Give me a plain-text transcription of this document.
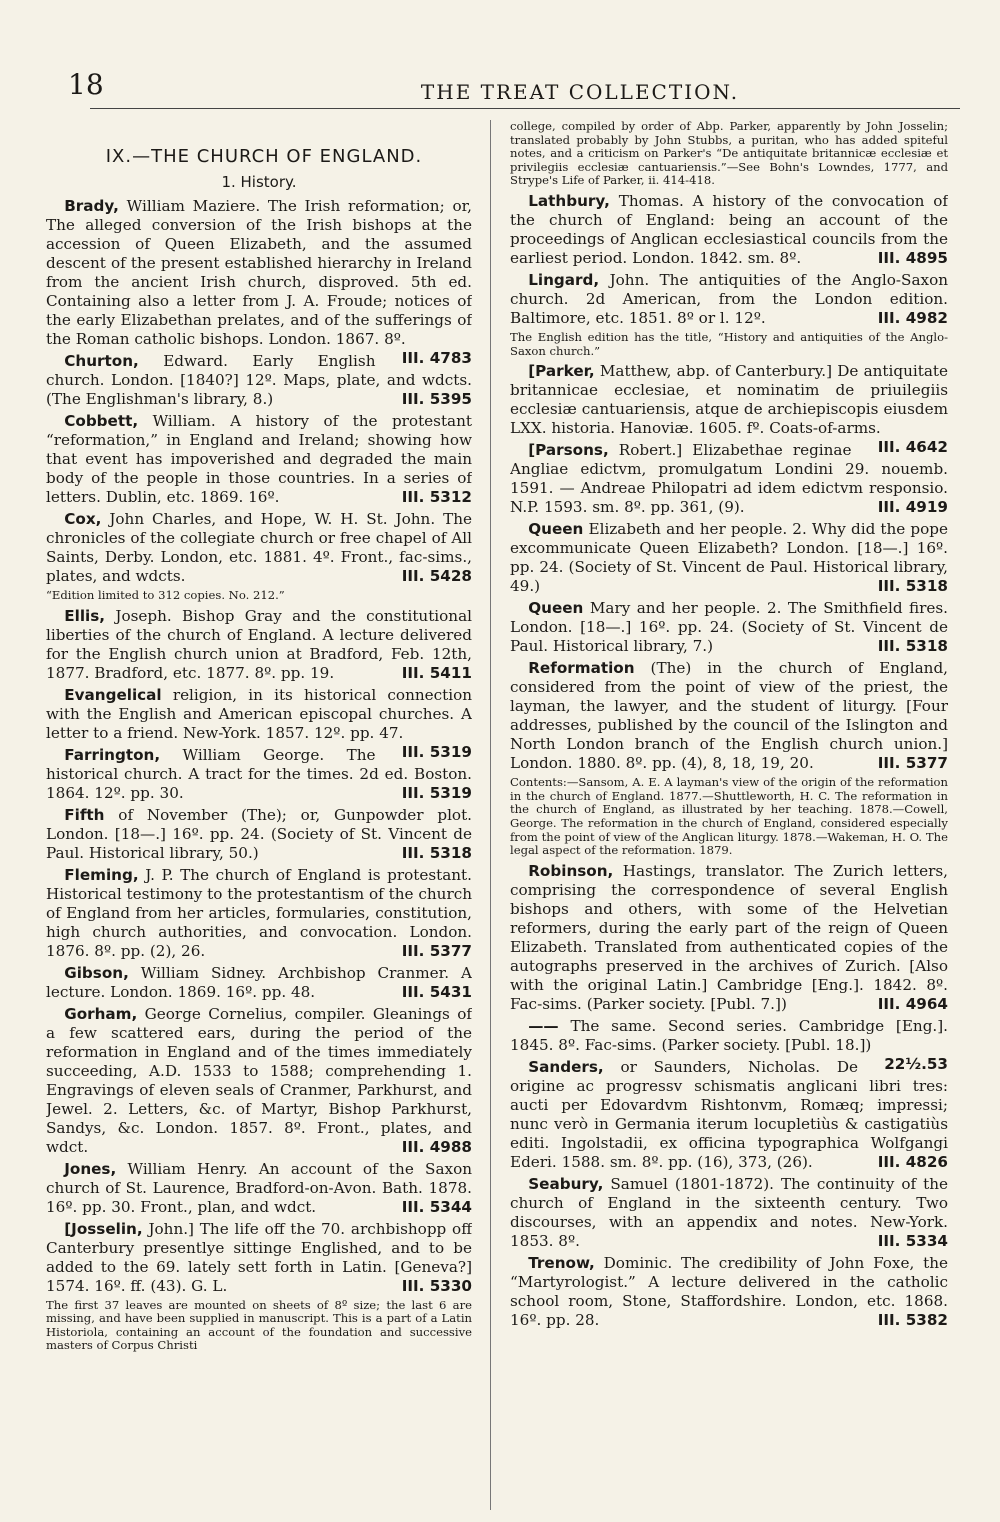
18	THE TREAT COLLECTION.
IX.—THE CHURCH OF ENGLAND.
1. History.

Brady, William Maziere. The Irish reformation; or, The alleged conversion of the Irish bishops at the accession of Queen Elizabeth, and the assumed descent of the present established hierarchy in Ireland from the ancient Irish church, disproved. 5th ed. Containing also a letter from J. A. Froude; notices of the early Elizabethan prelates, and of the sufferings of the Roman catholic bishops. London. 1867. 8º.
III. 4783

Churton, Edward. Early English church. London. [1840?] 12º. Maps, plate, and wdcts. (The Englishman's library, 8.)	III. 5395

Cobbett, William. A history of the protestant “reformation,” in England and Ireland; showing how that event has impoverished and degraded the main body of the people in those countries. In a series of letters. Dublin, etc. 1869. 16º.	III. 5312

Cox, John Charles, and Hope, W. H. St. John. The chronicles of the collegiate church or free chapel of All Saints, Derby. London, etc. 1881. 4º. Front., fac-sims., plates, and wdcts.	III. 5428

“Edition limited to 312 copies. No. 212.”

Ellis, Joseph. Bishop Gray and the constitutional liberties of the church of England. A lecture delivered for the English church union at Bradford, Feb. 12th, 1877. Bradford, etc. 1877. 8º. pp. 19.	III. 5411

Evangelical religion, in its historical connection with the English and American episcopal churches. A letter to a friend. New-York. 1857. 12º. pp. 47.
III. 5319

Farrington, William George. The historical church. A tract for the times. 2d ed. Boston. 1864. 12º. pp. 30.	III. 5319

Fifth of November (The); or, Gunpowder plot. London. [18—.] 16º. pp. 24. (Society of St. Vincent de Paul. Historical library, 50.)	III. 5318

Fleming, J. P. The church of England is protestant. Historical testimony to the protestantism of the church of England from her articles, formularies, constitution, high church authorities, and convocation. London. 1876. 8º. pp. (2), 26.	III. 5377

Gibson, William Sidney. Archbishop Cranmer. A lecture. London. 1869. 16º. pp. 48.	III. 5431

Gorham, George Cornelius, compiler. Gleanings of a few scattered ears, during the period of the reformation in England and of the times immediately succeeding, A.D. 1533 to 1588; comprehending 1. Engravings of eleven seals of Cranmer, Parkhurst, and Jewel. 2. Letters, &c. of Martyr, Bishop Parkhurst, Sandys, &c. London. 1857. 8º. Front., plates, and wdct.	III. 4988

Jones, William Henry. An account of the Saxon church of St. Laurence, Bradford-on-Avon. Bath. 1878. 16º. pp. 30. Front., plan, and wdct.	III. 5344

[Josselin, John.] The life off the 70. archbishopp off Canterbury presentlye sittinge Englished, and to be added to the 69. lately sett forth in Latin. [Geneva?] 1574. 16º. ff. (43). G. L.	III. 5330

The first 37 leaves are mounted on sheets of 8º size; the last 6 are missing, and have been supplied in manuscript. This is a part of a Latin Historiola, containing an account of the foundation and successive masters of Corpus Christi

college, compiled by order of Abp. Parker, apparently by John Josselin; translated probably by John Stubbs, a puritan, who has added spiteful notes, and a criticism on Parker's “De antiquitate britannicæ ecclesiæ et privilegiis ecclesiæ cantuariensis.”—See Bohn's Lowndes, 1777, and Strype's Life of Parker, ii. 414-418.

Lathbury, Thomas. A history of the convocation of the church of England: being an account of the proceedings of Anglican ecclesiastical councils from the earliest period. London. 1842. sm. 8º.	III. 4895

Lingard, John. The antiquities of the Anglo-Saxon church. 2d American, from the London edition. Baltimore, etc. 1851. 8º or l. 12º.	III. 4982

The English edition has the title, “History and antiquities of the Anglo-Saxon church.”

[Parker, Matthew, abp. of Canterbury.] De antiquitate britannicae ecclesiae, et nominatim de priuilegiis ecclesiæ cantuariensis, atque de archiepiscopis eiusdem LXX. historia. Hanoviæ. 1605. fº. Coats-of-arms.
III. 4642

[Parsons, Robert.] Elizabethae reginae Angliae edictvm, promulgatum Londini 29. nouemb. 1591. — Andreae Philopatri ad idem edictvm responsio. N.P. 1593. sm. 8º. pp. 361, (9).	III. 4919

Queen Elizabeth and her people. 2. Why did the pope excommunicate Queen Elizabeth? London. [18—.] 16º. pp. 24. (Society of St. Vincent de Paul. Historical library, 49.)	III. 5318

Queen Mary and her people. 2. The Smithfield fires. London. [18—.] 16º. pp. 24. (Society of St. Vincent de Paul. Historical library, 7.)	III. 5318

Reformation (The) in the church of England, considered from the point of view of the priest, the layman, the lawyer, and the student of liturgy. [Four addresses, published by the council of the Islington and North London branch of the English church union.] London. 1880. 8º. pp. (4), 8, 18, 19, 20.	III. 5377

Contents:—Sansom, A. E. A layman's view of the origin of the reformation in the church of England. 1877.—Shuttleworth, H. C. The reformation in the church of England, as illustrated by her teaching. 1878.—Cowell, George. The reformation in the church of England, considered especially from the point of view of the Anglican liturgy. 1878.—Wakeman, H. O. The legal aspect of the reformation. 1879.

Robinson, Hastings, translator. The Zurich letters, comprising the correspondence of several English bishops and others, with some of the Helvetian reformers, during the early part of the reign of Queen Elizabeth. Translated from authenticated copies of the autographs preserved in the archives of Zurich. [Also with the original Latin.] Cambridge [Eng.]. 1842. 8º. Fac-sims. (Parker society. [Publ. 7.])	III. 4964

—— The same. Second series. Cambridge [Eng.]. 1845. 8º. Fac-sims. (Parker society. [Publ. 18.])
22½.53

Sanders, or Saunders, Nicholas. De origine ac progressv schismatis anglicani libri tres: aucti per Edovardvm Rishtonvm, Romæq; impressi; nunc verò in Germania iterum locupletiùs & castigatiùs editi. Ingolstadii, ex officina typographica Wolfgangi Ederi. 1588. sm. 8º. pp. (16), 373, (26).	III. 4826

Seabury, Samuel (1801-1872). The continuity of the church of England in the sixteenth century. Two discourses, with an appendix and notes. New-York. 1853. 8º.	III. 5334

Trenow, Dominic. The credibility of John Foxe, the “Martyrologist.” A lecture delivered in the catholic school room, Stone, Staffordshire. London, etc. 1868. 16º. pp. 28.	III. 5382
